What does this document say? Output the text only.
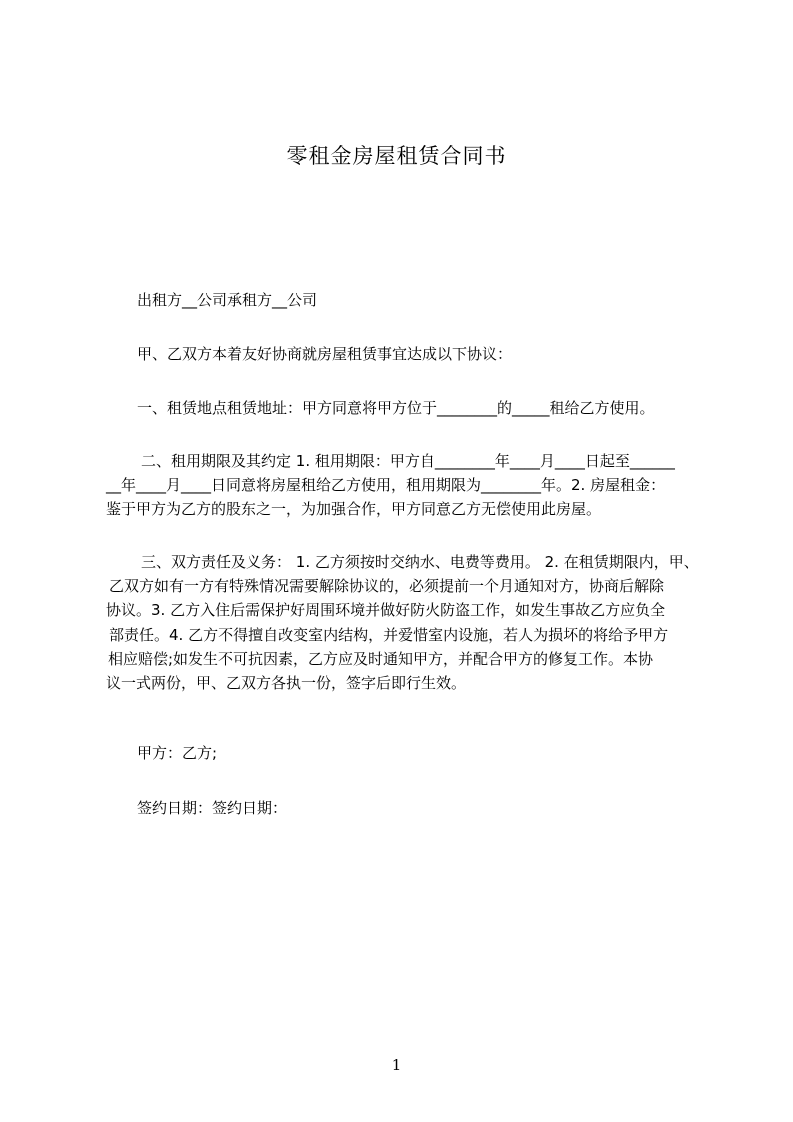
零租金房屋租赁合同书
出租方__公司承租方__公司
甲、乙双方本着友好协商就房屋租赁事宜达成以下协议：
一、租赁地点租赁地址：甲方同意将甲方位于________的_____租给乙方使用。
二、租用期限及其约定 1. 租用期限：甲方自________年____月____日起至______
__年____月____日同意将房屋租给乙方使用，租用期限为________年。2. 房屋租金：
鉴于甲方为乙方的股东之一，为加强合作，甲方同意乙方无偿使用此房屋。
三、双方责任及义务： 1. 乙方须按时交纳水、电费等费用。 2. 在租赁期限内，甲、
乙双方如有一方有特殊情况需要解除协议的，必须提前一个月通知对方，协商后解除
协议。3. 乙方入住后需保护好周围环境并做好防火防盗工作，如发生事故乙方应负全
部责任。4. 乙方不得擅自改变室内结构，并爱惜室内设施，若人为损坏的将给予甲方
相应赔偿;如发生不可抗因素，乙方应及时通知甲方，并配合甲方的修复工作。本协
议一式两份，甲、乙双方各执一份，签字后即行生效。
甲方：乙方;
签约日期：签约日期：
1
